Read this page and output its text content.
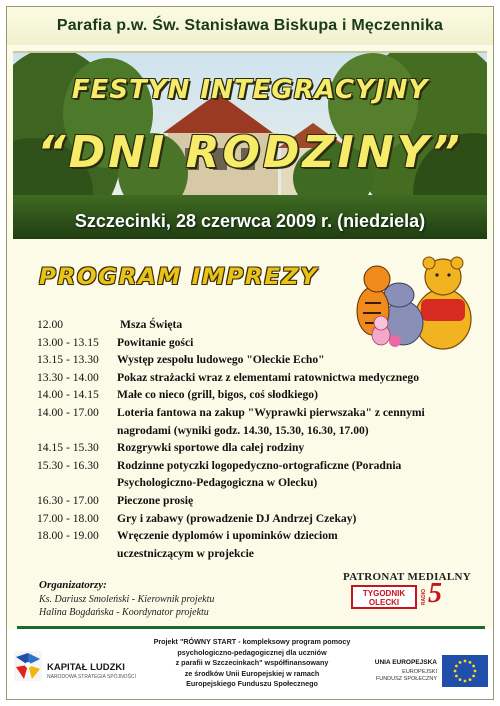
Parafia p.w. Św. Stanisława Biskupa i Męczennika
FESTYN INTEGRACYJNY
“DNI RODZINY”
Szczecinki, 28 czerwca 2009 r. (niedziela)
PROGRAM IMPREZY
12.00	Msza Święta
13.00 - 13.15	Powitanie gości
13.15 - 13.30	Występ zespołu ludowego "Oleckie Echo"
13.30 - 14.00	Pokaz strażacki wraz z elementami ratownictwa medycznego
14.00 - 14.15	Małe co nieco (grill, bigos, coś słodkiego)
14.00 - 17.00	Loteria fantowa na zakup "Wyprawki pierwszaka" z cennymi
nagrodami (wyniki godz. 14.30, 15.30, 16.30, 17.00)
14.15 - 15.30	Rozgrywki sportowe dla całej rodziny
15.30 - 16.30	Rodzinne potyczki logopedyczno-ortograficzne (Poradnia
Psychologiczno-Pedagogiczna w Olecku)
16.30 - 17.00	Pieczone prosię
17.00 - 18.00	Gry i zabawy (prowadzenie DJ Andrzej Czekay)
18.00 - 19.00	Wręczenie dyplomów i upominków dzieciom
uczestniczącym w projekcie
Organizatorzy:
Ks. Dariusz Smoleński - Kierownik projektu
Halina Bogdańska - Koordynator projektu
PATRONAT MEDIALNY
TYGODNIK
OLECKI	RADIO 5
KAPITAŁ LUDZKI
NARODOWA STRATEGIA SPÓJNOŚCI
Projekt "RÓWNY START - kompleksowy program pomocy
psychologiczno-pedagogicznej dla uczniów
z parafii w Szczecinkach" współfinansowany
ze środków Unii Europejskiej w ramach
Europejskiego Funduszu Społecznego
UNIA EUROPEJSKA
EUROPEJSKI
FUNDUSZ SPOŁECZNY
